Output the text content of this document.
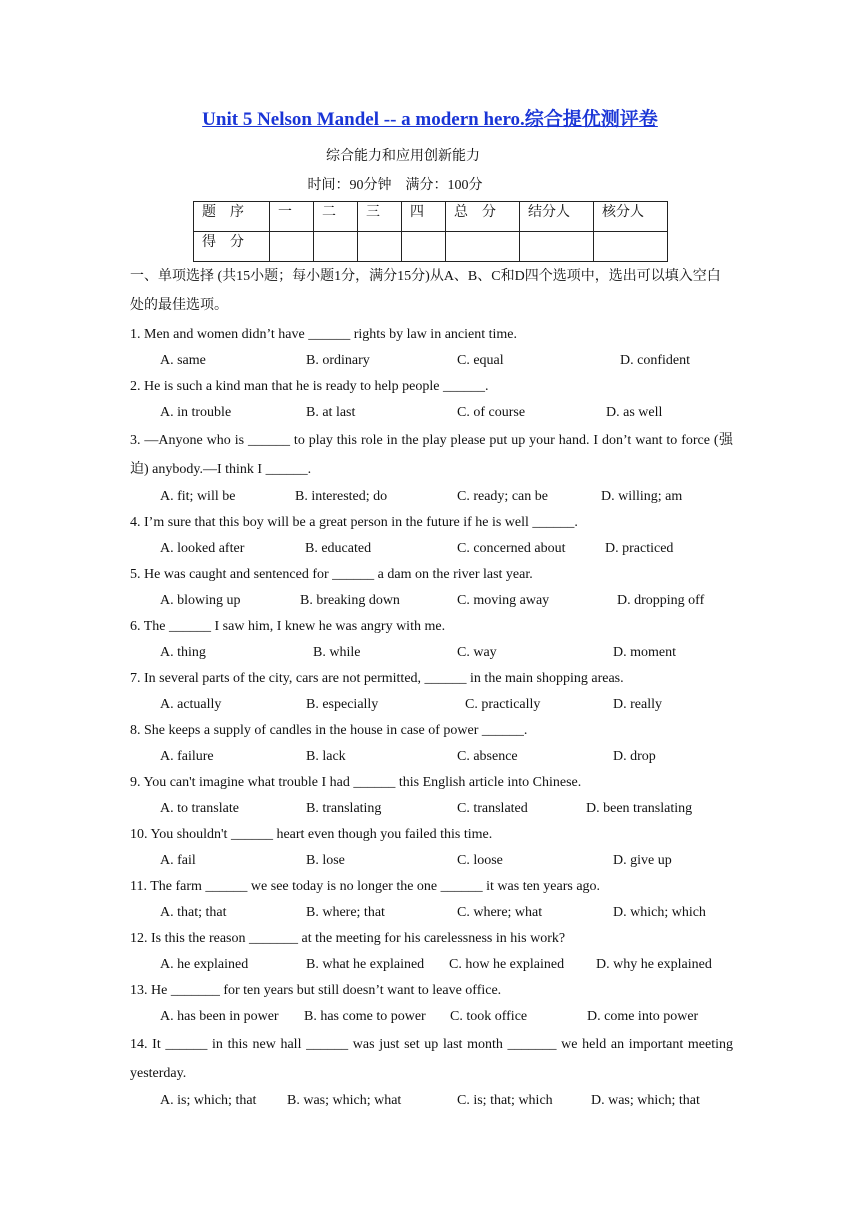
Unit 5 Nelson Mandel -- a modern hero.综合提优测评卷
综合能力和应用创新能力
时间：90分钟　满分：100分
题　序	一	二	三	四	总　分	结分人	核分人
得　分							
一、单项选择 (共15小题；每小题1分，满分15分)从A、B、C和D四个选项中，选出可以填入空白处的最佳选项。
1. Men and women didn’t have ______ rights by law in ancient time.
A. same	B. ordinary	C. equal	D. confident
2. He is such a kind man that he is ready to help people ______.
A. in trouble	B. at last	C. of course	D. as well
3. —Anyone who is ______ to play this role in the play please put up your hand. I don’t want to force (强迫) anybody.—I think I ______.
A. fit; will be	B. interested; do	C. ready; can be	D. willing; am
4. I’m sure that this boy will be a great person in the future if he is well ______.
A. looked after	B. educated	C. concerned about	D. practiced
5. He was caught and sentenced for ______ a dam on the river last year.
A. blowing up	B. breaking down	C. moving away	D. dropping off
6. The ______ I saw him, I knew he was angry with me.
A. thing	B. while	C. way	D. moment
7. In several parts of the city, cars are not permitted, ______ in the main shopping areas.
A. actually	B. especially	C. practically	D. really
8. She keeps a supply of candles in the house in case of power ______.
A. failure	B. lack	C. absence	D. drop
9. You can't imagine what trouble I had ______ this English article into Chinese.
A. to translate	B. translating	C. translated	D. been translating
10. You shouldn't ______ heart even though you failed this time.
A. fail	B. lose	C. loose	D. give up
11. The farm ______ we see today is no longer the one ______ it was ten years ago.
A. that; that	B. where; that	C. where; what	D. which; which
12. Is this the reason _______ at the meeting for his carelessness in his work?
A. he explained	B. what he explained C. how he explained D. why he explained
13. He _______ for ten years but still doesn’t want to leave office.
A. has been in power B. has come to power C. took office	D. come into power
14. It ______ in this new hall ______ was just set up last month _______ we held an important meeting yesterday.
A. is; which; that B. was; which; what	C. is; that; which	D. was; which; that
